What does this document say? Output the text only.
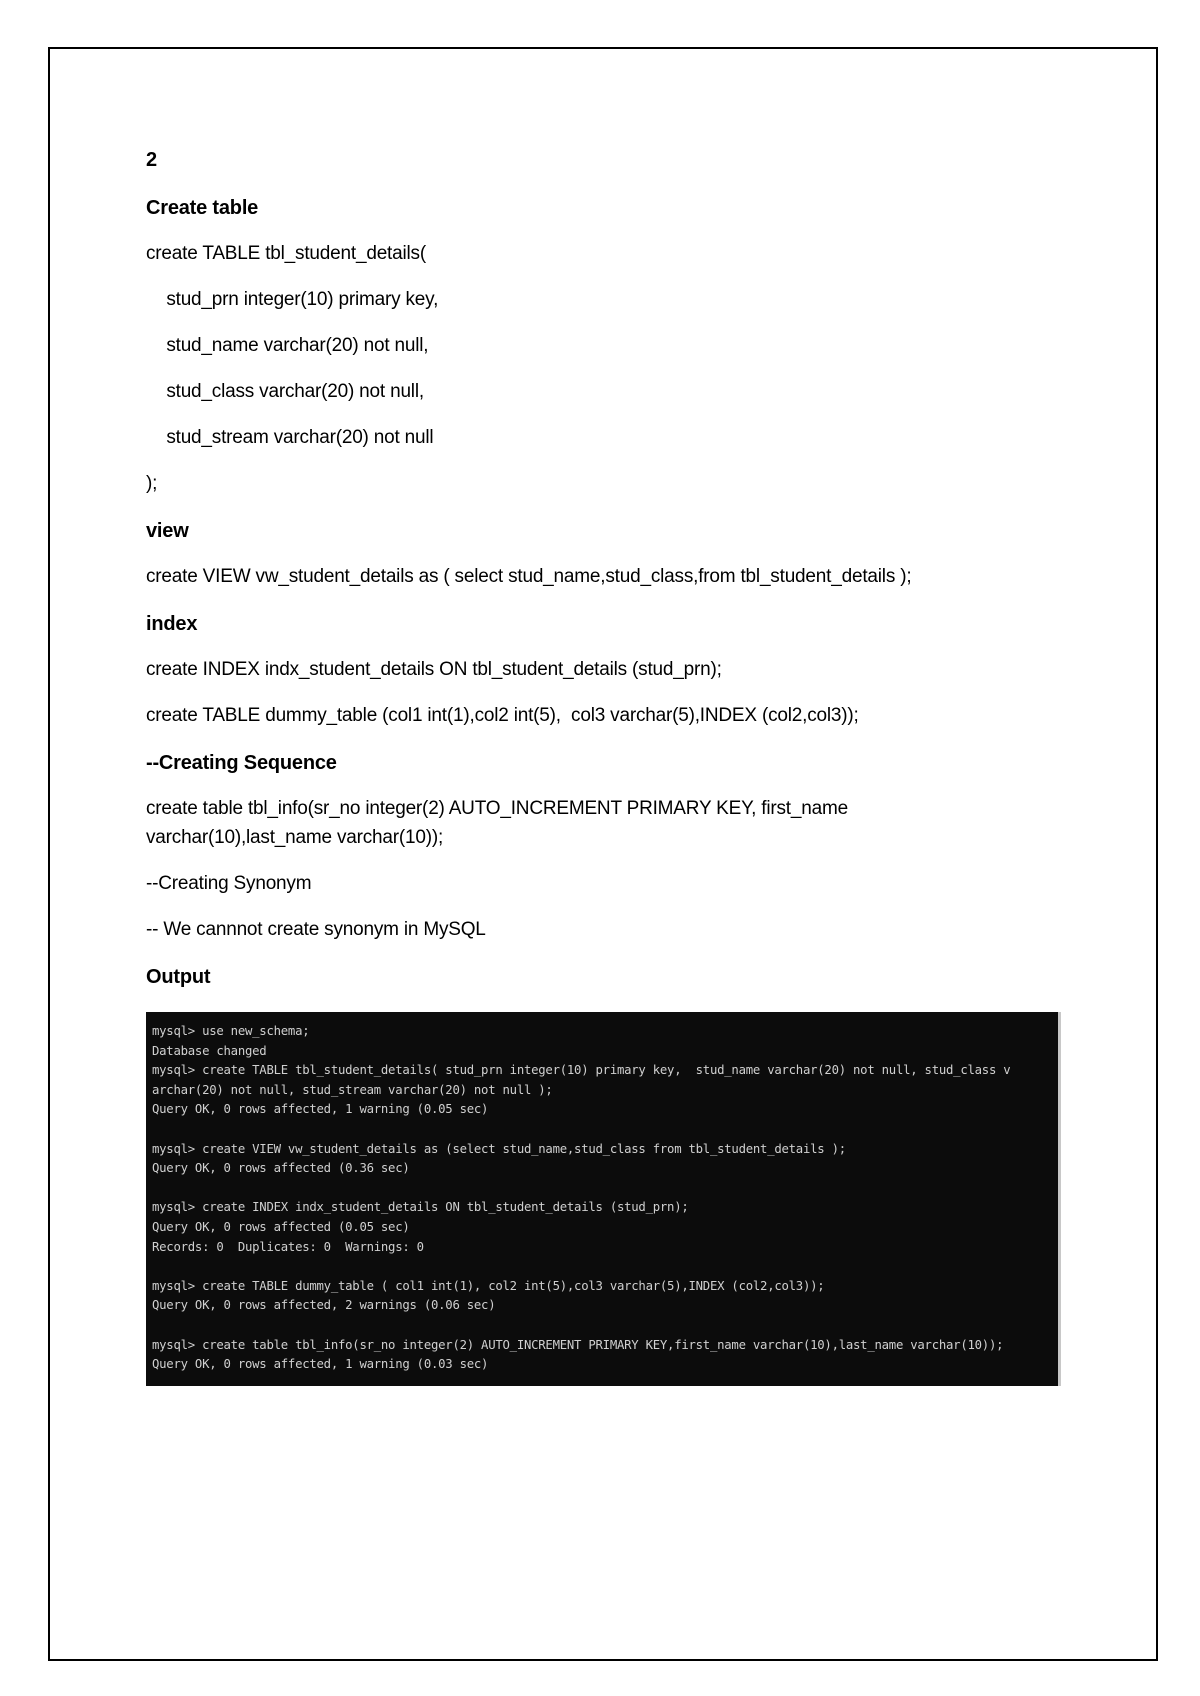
2
Create table
create TABLE tbl_student_details(
stud_prn integer(10) primary key,
stud_name varchar(20) not null,
stud_class varchar(20) not null,
stud_stream varchar(20) not null
);
view
create VIEW vw_student_details as ( select stud_name,stud_class,from tbl_student_details );
index
create INDEX indx_student_details ON tbl_student_details (stud_prn);
create TABLE dummy_table (col1 int(1),col2 int(5),  col3 varchar(5),INDEX (col2,col3));
--Creating Sequence
create table tbl_info(sr_no integer(2) AUTO_INCREMENT PRIMARY KEY, first_name
varchar(10),last_name varchar(10));
--Creating Synonym
-- We cannnot create synonym in MySQL
Output
mysql> use new_schema;
Database changed
mysql> create TABLE tbl_student_details( stud_prn integer(10) primary key,  stud_name varchar(20) not null, stud_class v
archar(20) not null, stud_stream varchar(20) not null );
Query OK, 0 rows affected, 1 warning (0.05 sec)
mysql> create VIEW vw_student_details as (select stud_name,stud_class from tbl_student_details );
Query OK, 0 rows affected (0.36 sec)
mysql> create INDEX indx_student_details ON tbl_student_details (stud_prn);
Query OK, 0 rows affected (0.05 sec)
Records: 0  Duplicates: 0  Warnings: 0
mysql> create TABLE dummy_table ( col1 int(1), col2 int(5),col3 varchar(5),INDEX (col2,col3));
Query OK, 0 rows affected, 2 warnings (0.06 sec)
mysql> create table tbl_info(sr_no integer(2) AUTO_INCREMENT PRIMARY KEY,first_name varchar(10),last_name varchar(10));
Query OK, 0 rows affected, 1 warning (0.03 sec)
